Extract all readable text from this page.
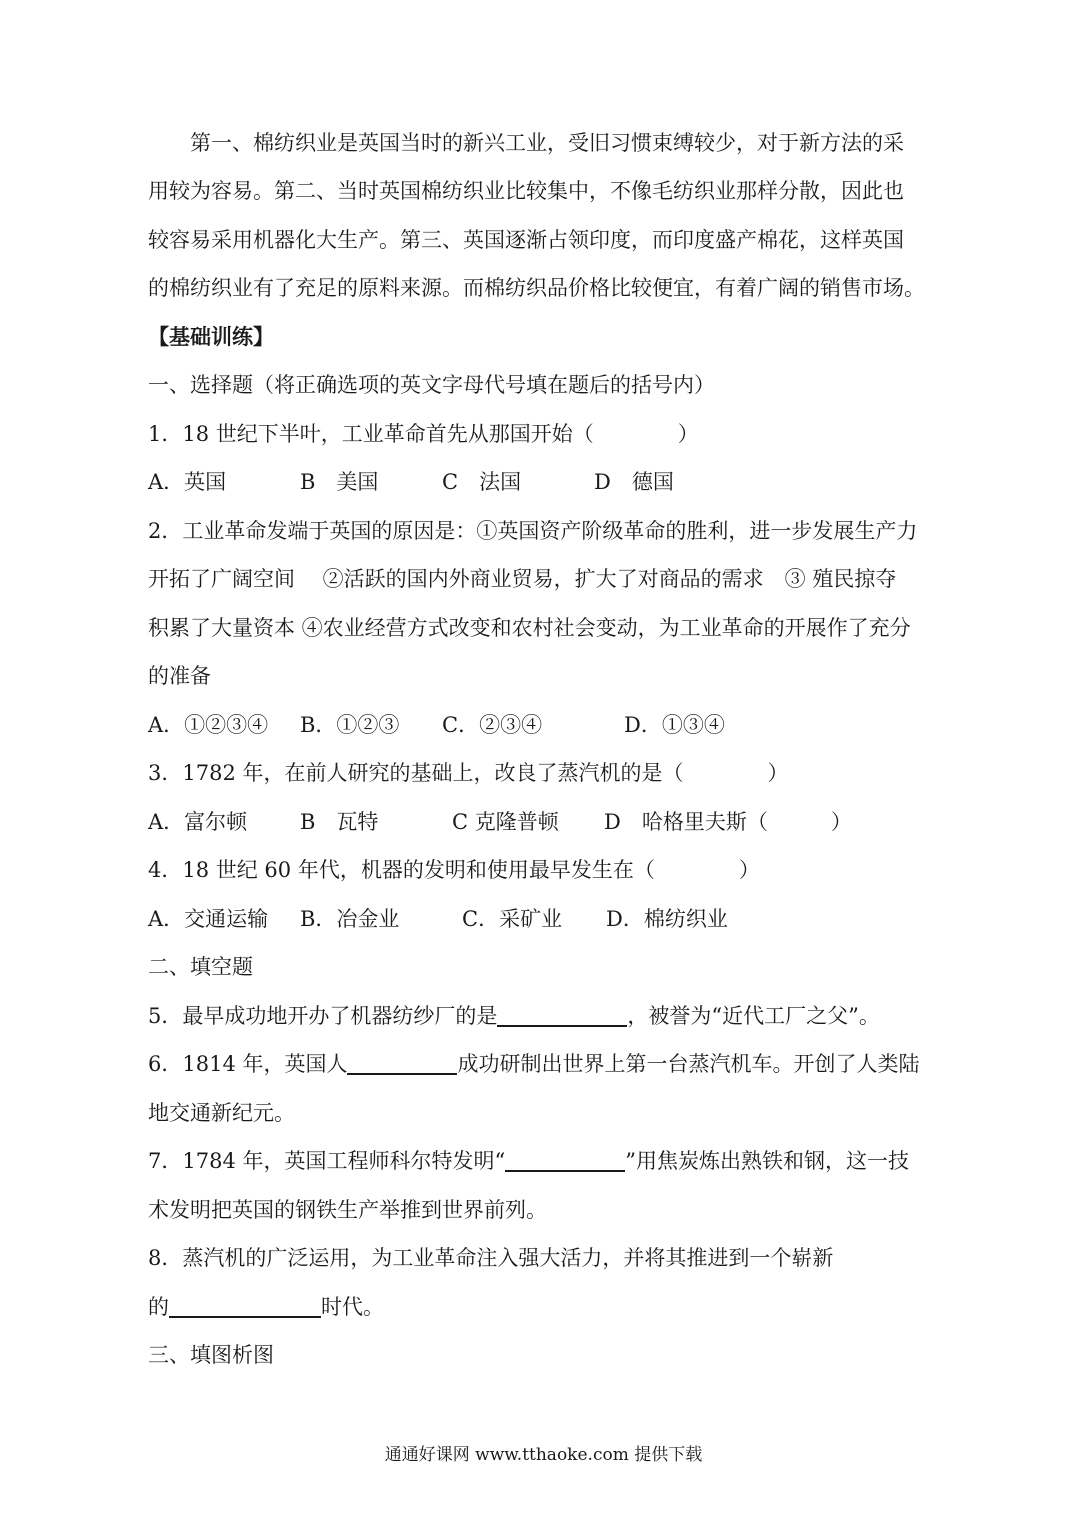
第一、棉纺织业是英国当时的新兴工业，受旧习惯束缚较少，对于新方法的采
用较为容易。第二、当时英国棉纺织业比较集中，不像毛纺织业那样分散，因此也
较容易采用机器化大生产。第三、英国逐渐占领印度，而印度盛产棉花，这样英国
的棉纺织业有了充足的原料来源。而棉纺织品价格比较便宜，有着广阔的销售市场。
【基础训练】
一、选择题（将正确选项的英文字母代号填在题后的括号内）
1．18 世纪下半叶，工业革命首先从那国开始（　　　　）
A．英国	B　美国	C　法国	D　德国
2．工业革命发端于英国的原因是：①英国资产阶级革命的胜利，进一步发展生产力
开拓了广阔空间　 ②活跃的国内外商业贸易，扩大了对商品的需求　③ 殖民掠夺
积累了大量资本 ④农业经营方式改变和农村社会变动，为工业革命的开展作了充分
的准备
A．①②③④ B．①②③ C．②③④	D．①③④
3．1782 年，在前人研究的基础上，改良了蒸汽机的是（　　　　）
A．富尔顿	B　瓦特	C 克隆普顿 D　哈格里夫斯（　　　）
4．18 世纪 60 年代，机器的发明和使用最早发生在（　　　　）
A．交通运输 B．冶金业	C．采矿业 D．棉纺织业
二、填空题
5．最早成功地开办了机器纺纱厂的是	，被誉为“近代工厂之父”。
6．1814 年，英国人	成功研制出世界上第一台蒸汽机车。开创了人类陆
地交通新纪元。
7．1784 年，英国工程师科尔特发明“	”用焦炭炼出熟铁和钢，这一技
术发明把英国的钢铁生产举推到世界前列。
8．蒸汽机的广泛运用，为工业革命注入强大活力，并将其推进到一个崭新
的	时代。
三、填图析图
通通好课网 www.tthaoke.com 提供下载
